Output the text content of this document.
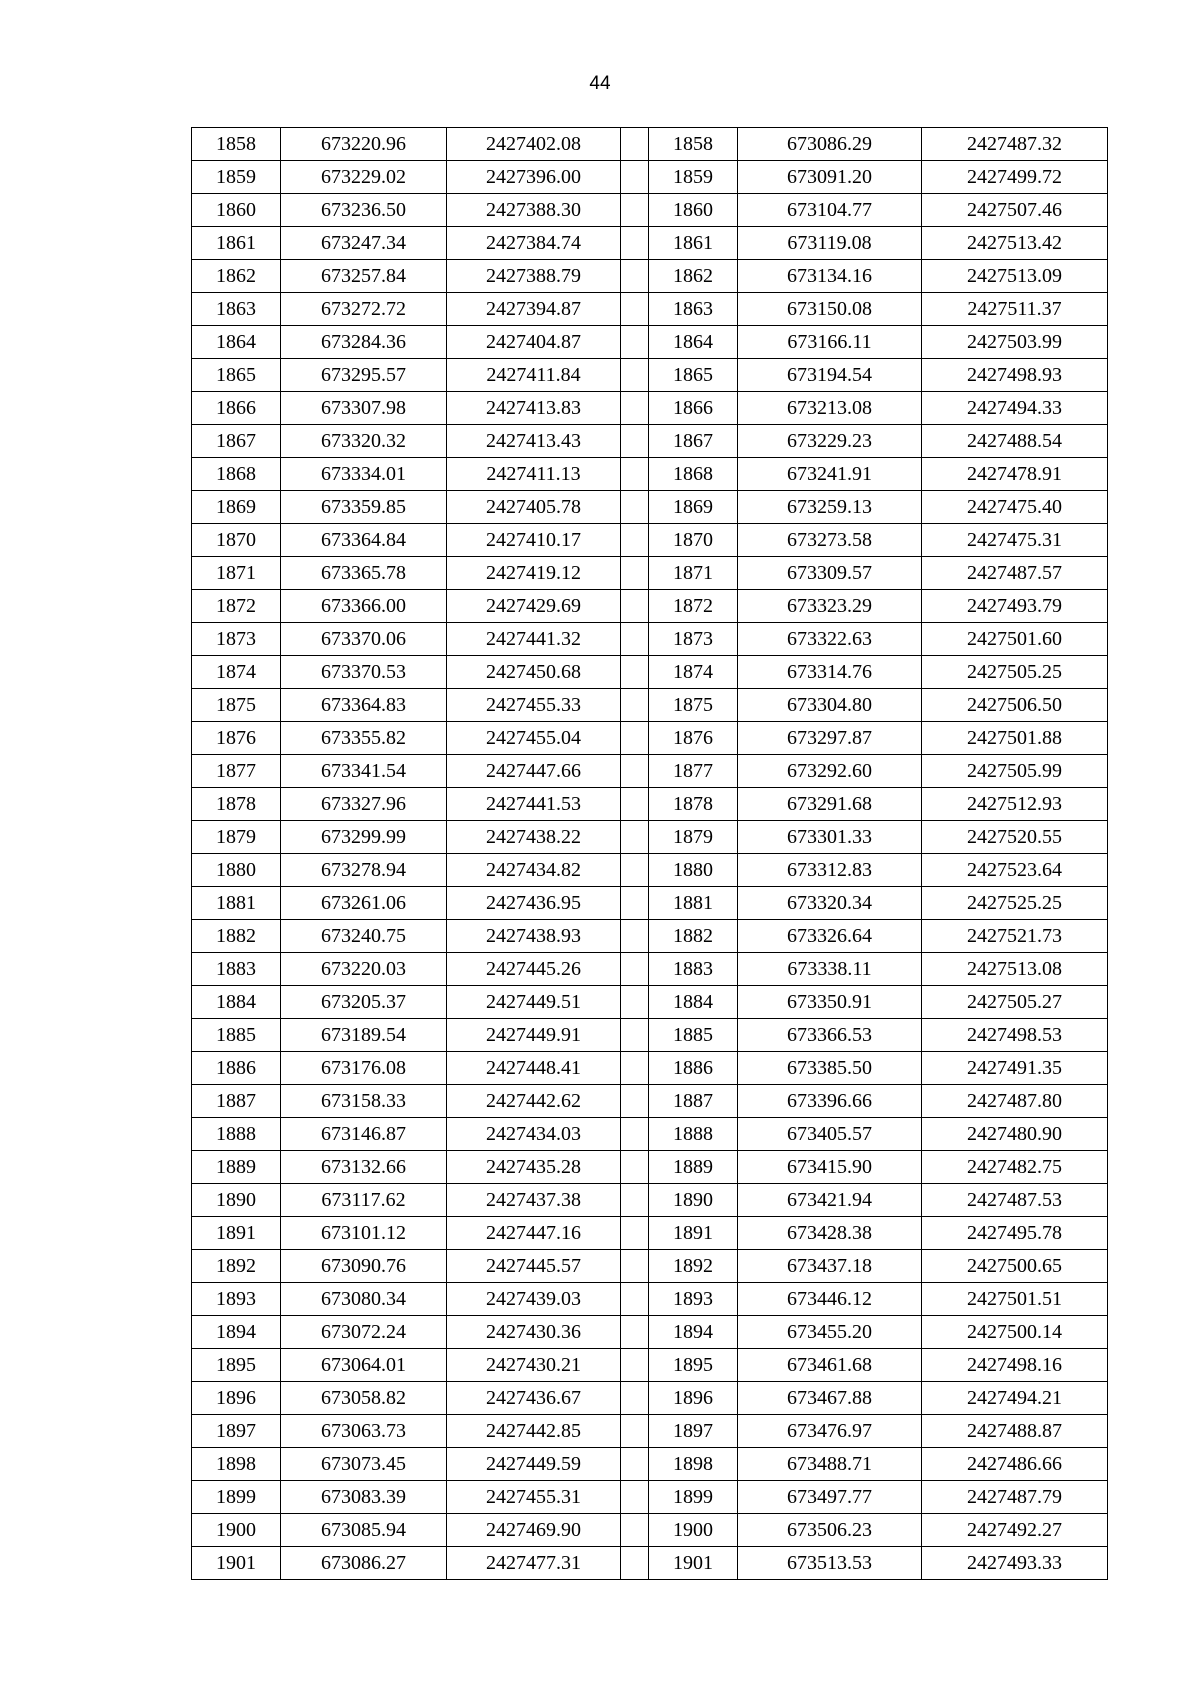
44
1858	673220.96	2427402.08		1858	673086.29	2427487.32
1859	673229.02	2427396.00		1859	673091.20	2427499.72
1860	673236.50	2427388.30		1860	673104.77	2427507.46
1861	673247.34	2427384.74		1861	673119.08	2427513.42
1862	673257.84	2427388.79		1862	673134.16	2427513.09
1863	673272.72	2427394.87		1863	673150.08	2427511.37
1864	673284.36	2427404.87		1864	673166.11	2427503.99
1865	673295.57	2427411.84		1865	673194.54	2427498.93
1866	673307.98	2427413.83		1866	673213.08	2427494.33
1867	673320.32	2427413.43		1867	673229.23	2427488.54
1868	673334.01	2427411.13		1868	673241.91	2427478.91
1869	673359.85	2427405.78		1869	673259.13	2427475.40
1870	673364.84	2427410.17		1870	673273.58	2427475.31
1871	673365.78	2427419.12		1871	673309.57	2427487.57
1872	673366.00	2427429.69		1872	673323.29	2427493.79
1873	673370.06	2427441.32		1873	673322.63	2427501.60
1874	673370.53	2427450.68		1874	673314.76	2427505.25
1875	673364.83	2427455.33		1875	673304.80	2427506.50
1876	673355.82	2427455.04		1876	673297.87	2427501.88
1877	673341.54	2427447.66		1877	673292.60	2427505.99
1878	673327.96	2427441.53		1878	673291.68	2427512.93
1879	673299.99	2427438.22		1879	673301.33	2427520.55
1880	673278.94	2427434.82		1880	673312.83	2427523.64
1881	673261.06	2427436.95		1881	673320.34	2427525.25
1882	673240.75	2427438.93		1882	673326.64	2427521.73
1883	673220.03	2427445.26		1883	673338.11	2427513.08
1884	673205.37	2427449.51		1884	673350.91	2427505.27
1885	673189.54	2427449.91		1885	673366.53	2427498.53
1886	673176.08	2427448.41		1886	673385.50	2427491.35
1887	673158.33	2427442.62		1887	673396.66	2427487.80
1888	673146.87	2427434.03		1888	673405.57	2427480.90
1889	673132.66	2427435.28		1889	673415.90	2427482.75
1890	673117.62	2427437.38		1890	673421.94	2427487.53
1891	673101.12	2427447.16		1891	673428.38	2427495.78
1892	673090.76	2427445.57		1892	673437.18	2427500.65
1893	673080.34	2427439.03		1893	673446.12	2427501.51
1894	673072.24	2427430.36		1894	673455.20	2427500.14
1895	673064.01	2427430.21		1895	673461.68	2427498.16
1896	673058.82	2427436.67		1896	673467.88	2427494.21
1897	673063.73	2427442.85		1897	673476.97	2427488.87
1898	673073.45	2427449.59		1898	673488.71	2427486.66
1899	673083.39	2427455.31		1899	673497.77	2427487.79
1900	673085.94	2427469.90		1900	673506.23	2427492.27
1901	673086.27	2427477.31		1901	673513.53	2427493.33
